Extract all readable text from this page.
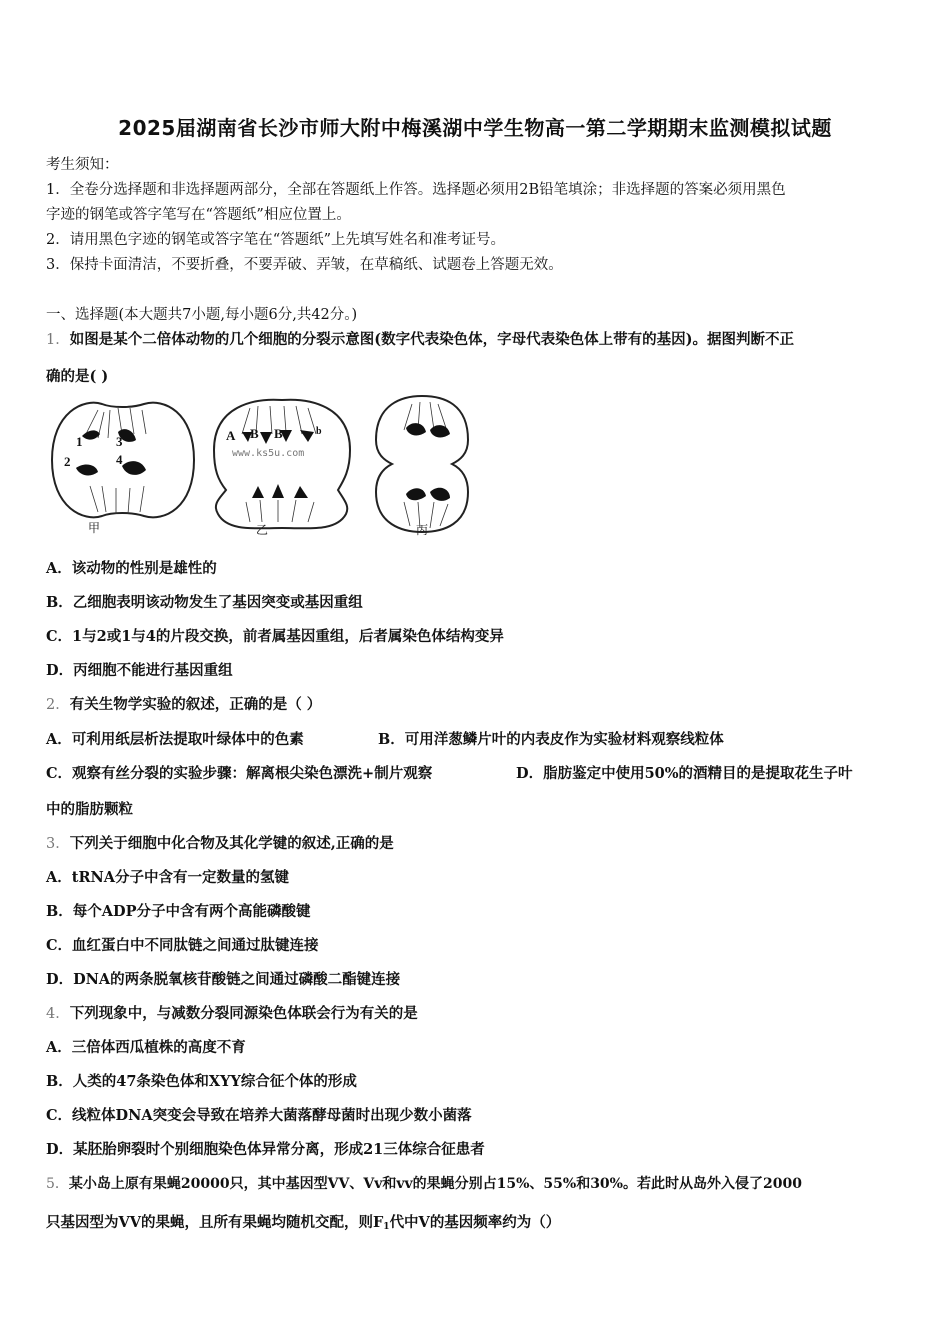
2025届湖南省长沙市师大附中梅溪湖中学生物高一第二学期期末监测模拟试题
考生须知：
1．全卷分选择题和非选择题两部分，全部在答题纸上作答。选择题必须用2B铅笔填涂；非选择题的答案必须用黑色
字迹的钢笔或答字笔写在“答题纸”相应位置上。
2．请用黑色字迹的钢笔或答字笔在“答题纸”上先填写姓名和准考证号。
3．保持卡面清洁，不要折叠，不要弄破、弄皱，在草稿纸、试题卷上答题无效。
一、选择题(本大题共7小题,每小题6分,共42分。)
1．如图是某个二倍体动物的几个细胞的分裂示意图(数字代表染色体，字母代表染色体上带有的基因)。据图判断不正
确的是( )
1	3
2	4
A B B	b
www.ks5u.com
甲	乙	丙
A．该动物的性别是雄性的
B．乙细胞表明该动物发生了基因突变或基因重组
C．1与2或1与4的片段交换，前者属基因重组，后者属染色体结构变异
D．丙细胞不能进行基因重组
2．有关生物学实验的叙述，正确的是（ ）
A．可利用纸层析法提取叶绿体中的色素	B．可用洋葱鳞片叶的内表皮作为实验材料观察线粒体
C．观察有丝分裂的实验步骤：解离根尖染色漂洗+制片观察	D．脂肪鉴定中使用50%的酒精目的是提取花生子叶
中的脂肪颗粒
3．下列关于细胞中化合物及其化学键的叙述,正确的是
A．tRNA分子中含有一定数量的氢键
B．每个ADP分子中含有两个高能磷酸键
C．血红蛋白中不同肽链之间通过肽键连接
D．DNA的两条脱氧核苷酸链之间通过磷酸二酯键连接
4．下列现象中，与减数分裂同源染色体联会行为有关的是
A．三倍体西瓜植株的高度不育
B．人类的47条染色体和XYY综合征个体的形成
C．线粒体DNA突变会导致在培养大菌落酵母菌时出现少数小菌落
D．某胚胎卵裂时个别细胞染色体异常分离，形成21三体综合征患者
5．某小岛上原有果蝇20000只，其中基因型VV、Vv和vv的果蝇分别占15%、55%和30%。若此时从岛外入侵了2000
只基因型为VV的果蝇，且所有果蝇均随机交配，则$F_1$代中V的基因频率约为（）
